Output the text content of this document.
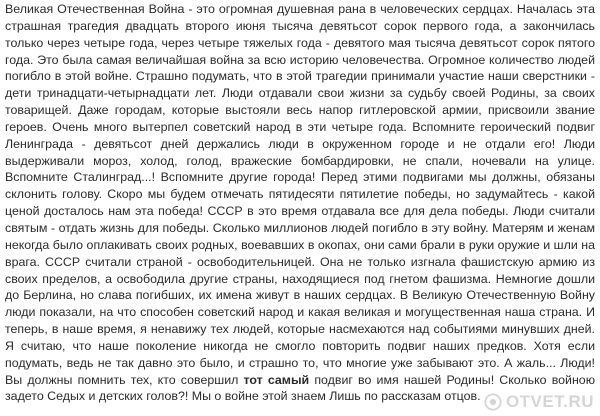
Великая Отечественная Война - это огромная душевная рана в человеческих сердцах. Началась эта страшная трагедия двадцать второго июня тысяча девятьсот сорок первого года, а закончилась только через четыре года, через четыре тяжелых года - девятого мая тысяча девятьсот сорок пятого года. Это была самая величайшая война за всю историю человечества. Огромное количество людей погибло в этой войне. Страшно подумать, что в этой трагедии принимали участие наши сверстники - дети тринадцати-четырнадцати лет. Люди отдавали свои жизни за судьбу своей Родины, за своих товарищей. Даже городам, которые выстояли весь напор гитлеровской армии, присвоили звание героев. Очень много вытерпел советский народ в эти четыре года. Вспомните героический подвиг Ленинграда - девятьсот дней держались люди в окруженном городе и не отдали его! Люди выдерживали мороз, холод, голод, вражеские бомбардировки, не спали, ночевали на улице. Вспомните Сталинград...! Вспомните другие города! Перед этими подвигами мы должны, обязаны склонить голову. Скоро мы будем отмечать пятидесяти пятилетие победы, но задумайтесь - какой ценой досталось нам эта победа! СССР в это время отдавала все для дела победы. Люди считали святым - отдать жизнь для победы. Сколько миллионов людей погибло в эту войну. Матерям и женам некогда было оплакивать своих родных, воевавших в окопах, они сами брали в руки оружие и шли на врага. СССР считали страной - освободительницей. Она не только изгнала фашистскую армию из своих пределов, а освободила другие страны, находящиеся под гнетом фашизма. Немногие дошли до Берлина, но слава погибших, их имена живут в наших сердцах. В Великую Отечественную Войну люди показали, на что способен советский народ и какая великая и могущественная наша страна. И теперь, в наше время, я ненавижу тех людей, которые насмехаются над событиями минувших дней. Я считаю, что наше поколение никогда не смогло повторить подвиг наших предков. Хотя если подумать, ведь не так давно это было, и страшно то, что многие уже забывают это. А жаль... Люди! Вы должны помнить тех, кто совершил тот самый подвиг во имя нашей Родины! Сколько войною задето Седых и детских голов?! Мы о войне этой знаем Лишь по рассказам отцов.	OTVET.RU
